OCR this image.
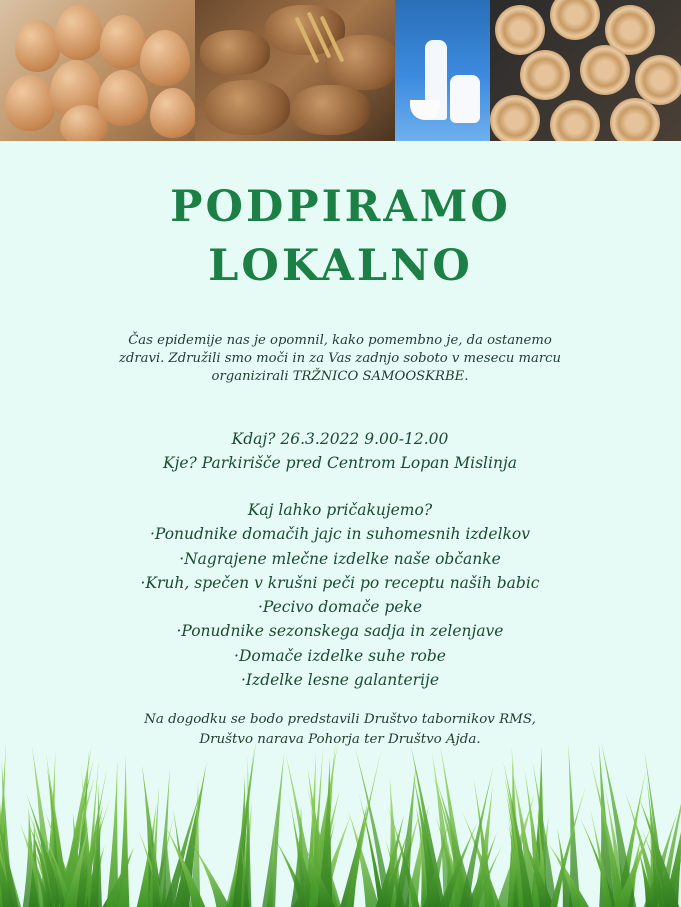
PODPIRAMO
LOKALNO
Čas epidemije nas je opomnil, kako pomembno je, da ostanemo
zdravi. Združili smo moči in za Vas zadnjo soboto v mesecu marcu
organizirali TRŽNICO SAMOOSKRBE.
Kdaj? 26.3.2022 9.00-12.00
Kje? Parkirišče pred Centrom Lopan Mislinja
Kaj lahko pričakujemo?
·Ponudnike domačih jajc in suhomesnih izdelkov
·Nagrajene mlečne izdelke naše občanke
·Kruh, spečen v krušni peči po receptu naših babic
·Pecivo domače peke
·Ponudnike sezonskega sadja in zelenjave
·Domače izdelke suhe robe
·Izdelke lesne galanterije
Na dogodku se bodo predstavili Društvo tabornikov RMS,
Društvo narava Pohorja ter Društvo Ajda.
